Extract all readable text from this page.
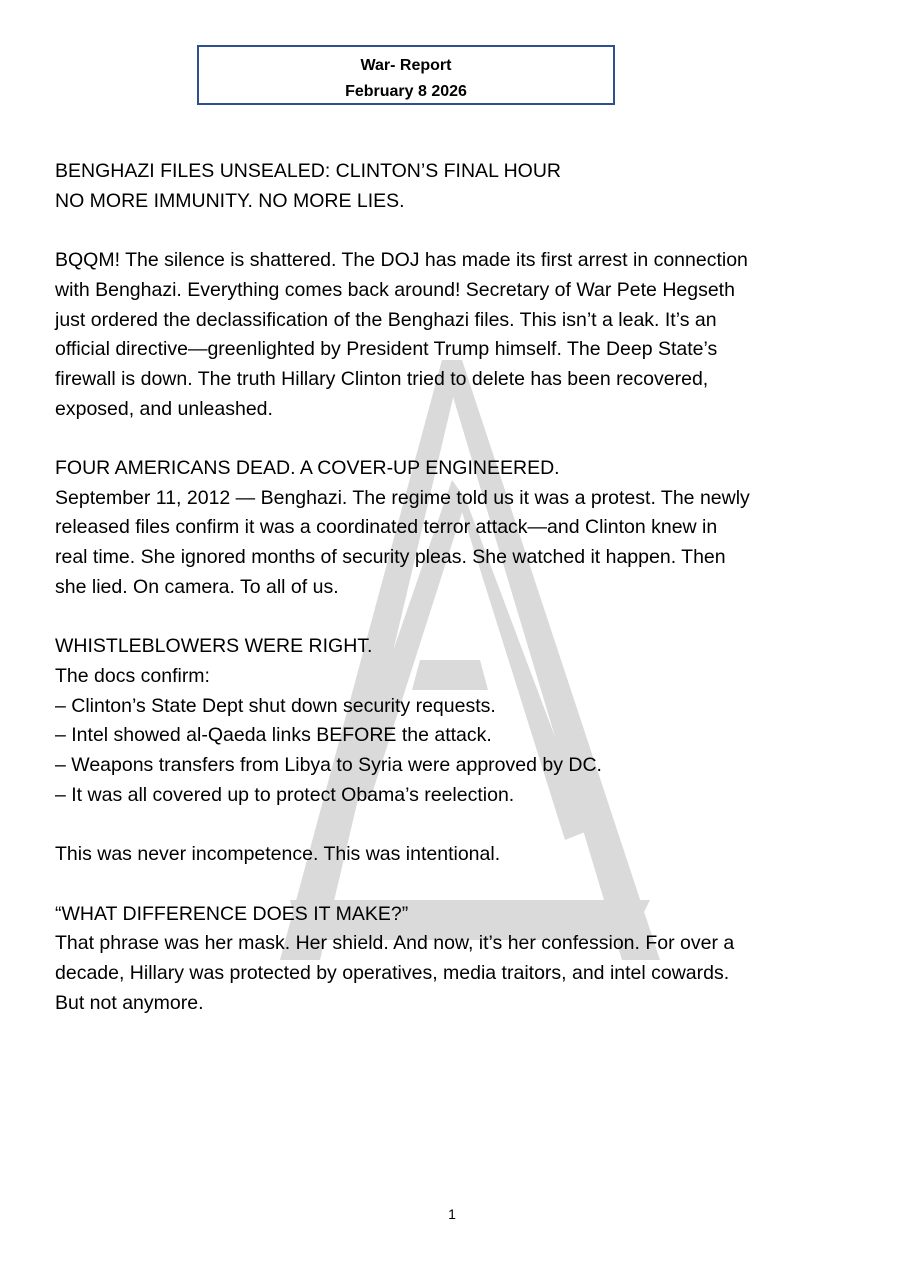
War- Report
February 8 2026
BENGHAZI FILES UNSEALED: CLINTON’S FINAL HOUR
NO MORE IMMUNITY. NO MORE LIES.
BQQM! The silence is shattered. The DOJ has made its first arrest in connection
with Benghazi. Everything comes back around! Secretary of War Pete Hegseth
just ordered the declassification of the Benghazi files. This isn’t a leak. It’s an
official directive—greenlighted by President Trump himself. The Deep State’s
firewall is down. The truth Hillary Clinton tried to delete has been recovered,
exposed, and unleashed.
FOUR AMERICANS DEAD. A COVER-UP ENGINEERED.
September 11, 2012 — Benghazi. The regime told us it was a protest. The newly
released files confirm it was a coordinated terror attack—and Clinton knew in
real time. She ignored months of security pleas. She watched it happen. Then
she lied. On camera. To all of us.
WHISTLEBLOWERS WERE RIGHT.
The docs confirm:
– Clinton’s State Dept shut down security requests.
– Intel showed al-Qaeda links BEFORE the attack.
– Weapons transfers from Libya to Syria were approved by DC.
– It was all covered up to protect Obama’s reelection.
This was never incompetence. This was intentional.
“WHAT DIFFERENCE DOES IT MAKE?”
That phrase was her mask. Her shield. And now, it’s her confession. For over a
decade, Hillary was protected by operatives, media traitors, and intel cowards.
But not anymore.
1
